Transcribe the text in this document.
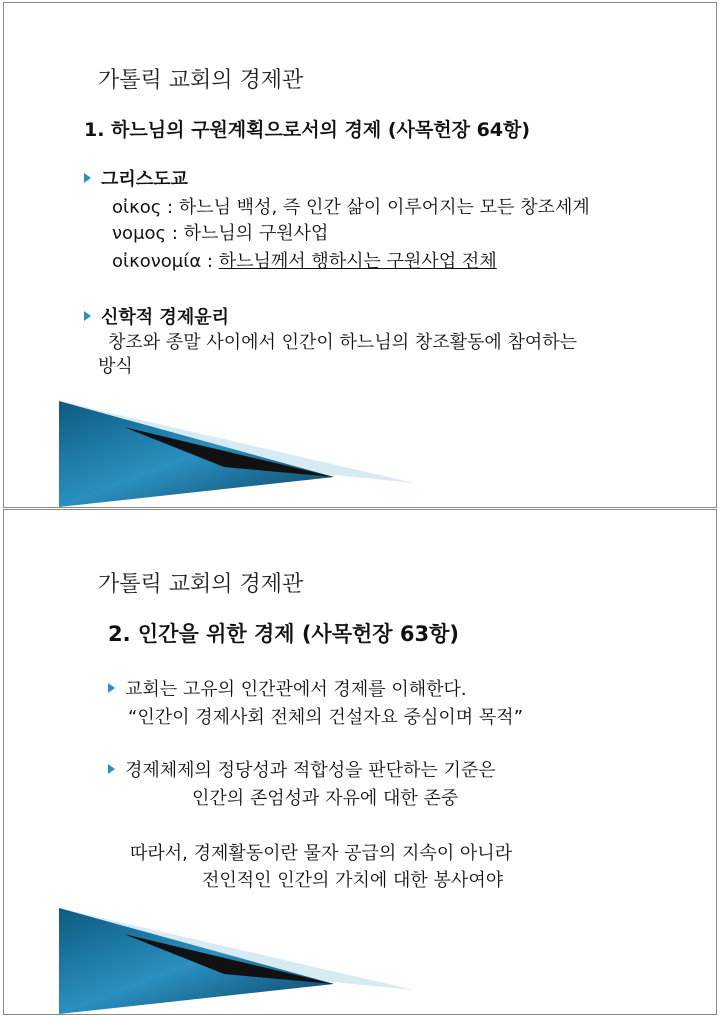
가톨릭 교회의 경제관
1. 하느님의 구원계획으로서의 경제 (사목헌장 64항)
그리스도교
οἰκος : 하느님 백성, 즉 인간 삶이 이루어지는 모든 창조세계
νομος : 하느님의 구원사업
οἰκονομία : 하느님께서 행하시는 구원사업 전체
신학적 경제윤리
창조와 종말 사이에서 인간이 하느님의 창조활동에 참여하는
방식
가톨릭 교회의 경제관
2. 인간을 위한 경제 (사목헌장 63항)
교회는 고유의 인간관에서 경제를 이해한다.
“인간이 경제사회 전체의 건설자요 중심이며 목적”
경제체제의 정당성과 적합성을 판단하는 기준은
인간의 존엄성과 자유에 대한 존중
따라서, 경제활동이란 물자 공급의 지속이 아니라
전인적인 인간의 가치에 대한 봉사여야
